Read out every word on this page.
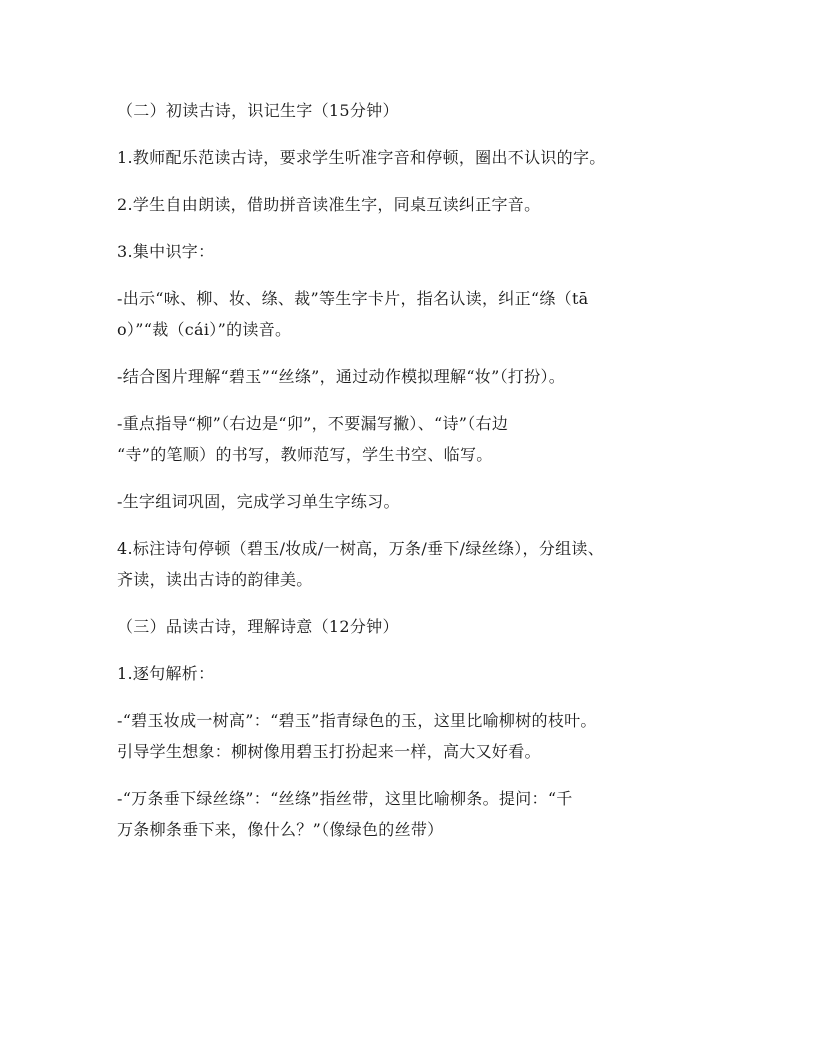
（二）初读古诗，识记生字（15分钟）

1.教师配乐范读古诗，要求学生听准字音和停顿，圈出不认识的字。

2.学生自由朗读，借助拼音读准生字，同桌互读纠正字音。

3.集中识字：

-出示“咏、柳、妆、绦、裁”等生字卡片，指名认读，纠正“绦（tā
o）”“裁（cái）”的读音。

-结合图片理解“碧玉”“丝绦”，通过动作模拟理解“妆”（打扮）。

-重点指导“柳”（右边是“卯”，不要漏写撇）、“诗”（右边
“寺”的笔顺）的书写，教师范写，学生书空、临写。

-生字组词巩固，完成学习单生字练习。

4.标注诗句停顿（碧玉/妆成/一树高，万条/垂下/绿丝绦），分组读、
齐读，读出古诗的韵律美。

（三）品读古诗，理解诗意（12分钟）

1.逐句解析：

-“碧玉妆成一树高”：“碧玉”指青绿色的玉，这里比喻柳树的枝叶。
引导学生想象：柳树像用碧玉打扮起来一样，高大又好看。

-“万条垂下绿丝绦”：“丝绦”指丝带，这里比喻柳条。提问：“千
万条柳条垂下来，像什么？”（像绿色的丝带）
